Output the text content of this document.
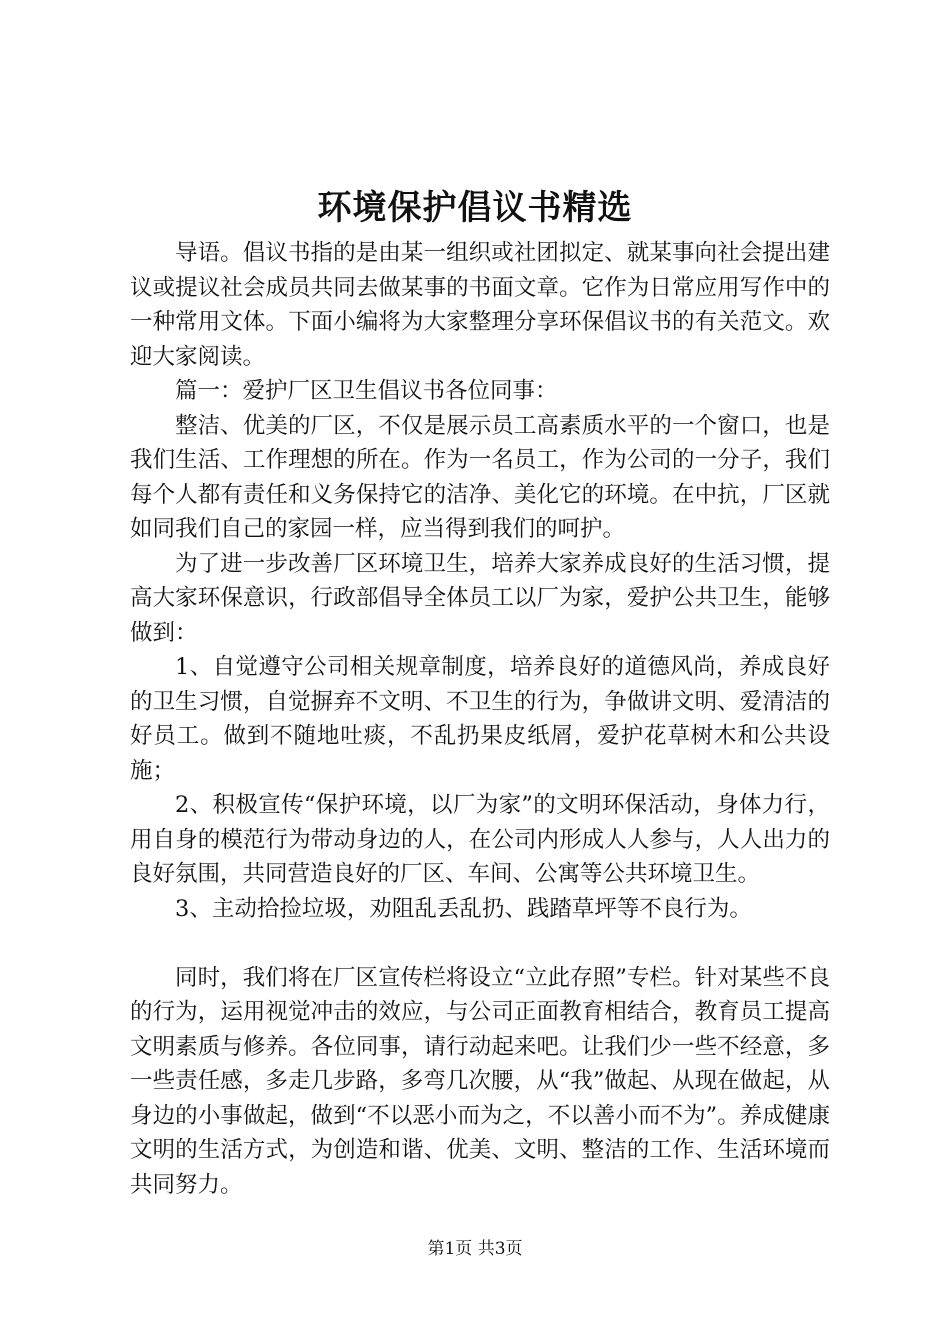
环境保护倡议书精选

导语。倡议书指的是由某一组织或社团拟定、就某事向社会提出建议或提议社会成员共同去做某事的书面文章。它作为日常应用写作中的一种常用文体。下面小编将为大家整理分享环保倡议书的有关范文。欢迎大家阅读。

篇一：爱护厂区卫生倡议书各位同事：

整洁、优美的厂区，不仅是展示员工高素质水平的一个窗口，也是我们生活、工作理想的所在。作为一名员工，作为公司的一分子，我们每个人都有责任和义务保持它的洁净、美化它的环境。在中抗，厂区就如同我们自己的家园一样，应当得到我们的呵护。

为了进一步改善厂区环境卫生，培养大家养成良好的生活习惯，提高大家环保意识，行政部倡导全体员工以厂为家，爱护公共卫生，能够做到：

1、自觉遵守公司相关规章制度，培养良好的道德风尚，养成良好的卫生习惯，自觉摒弃不文明、不卫生的行为，争做讲文明、爱清洁的好员工。做到不随地吐痰，不乱扔果皮纸屑，爱护花草树木和公共设施；

2、积极宣传“保护环境，以厂为家”的文明环保活动，身体力行，用自身的模范行为带动身边的人，在公司内形成人人参与，人人出力的良好氛围，共同营造良好的厂区、车间、公寓等公共环境卫生。

3、主动拾捡垃圾，劝阻乱丢乱扔、践踏草坪等不良行为。

同时，我们将在厂区宣传栏将设立“立此存照”专栏。针对某些不良的行为，运用视觉冲击的效应，与公司正面教育相结合，教育员工提高文明素质与修养。各位同事，请行动起来吧。让我们少一些不经意，多一些责任感，多走几步路，多弯几次腰，从“我”做起、从现在做起，从身边的小事做起，做到“不以恶小而为之，不以善小而不为”。养成健康文明的生活方式，为创造和谐、优美、文明、整洁的工作、生活环境而共同努力。

第1页 共3页
